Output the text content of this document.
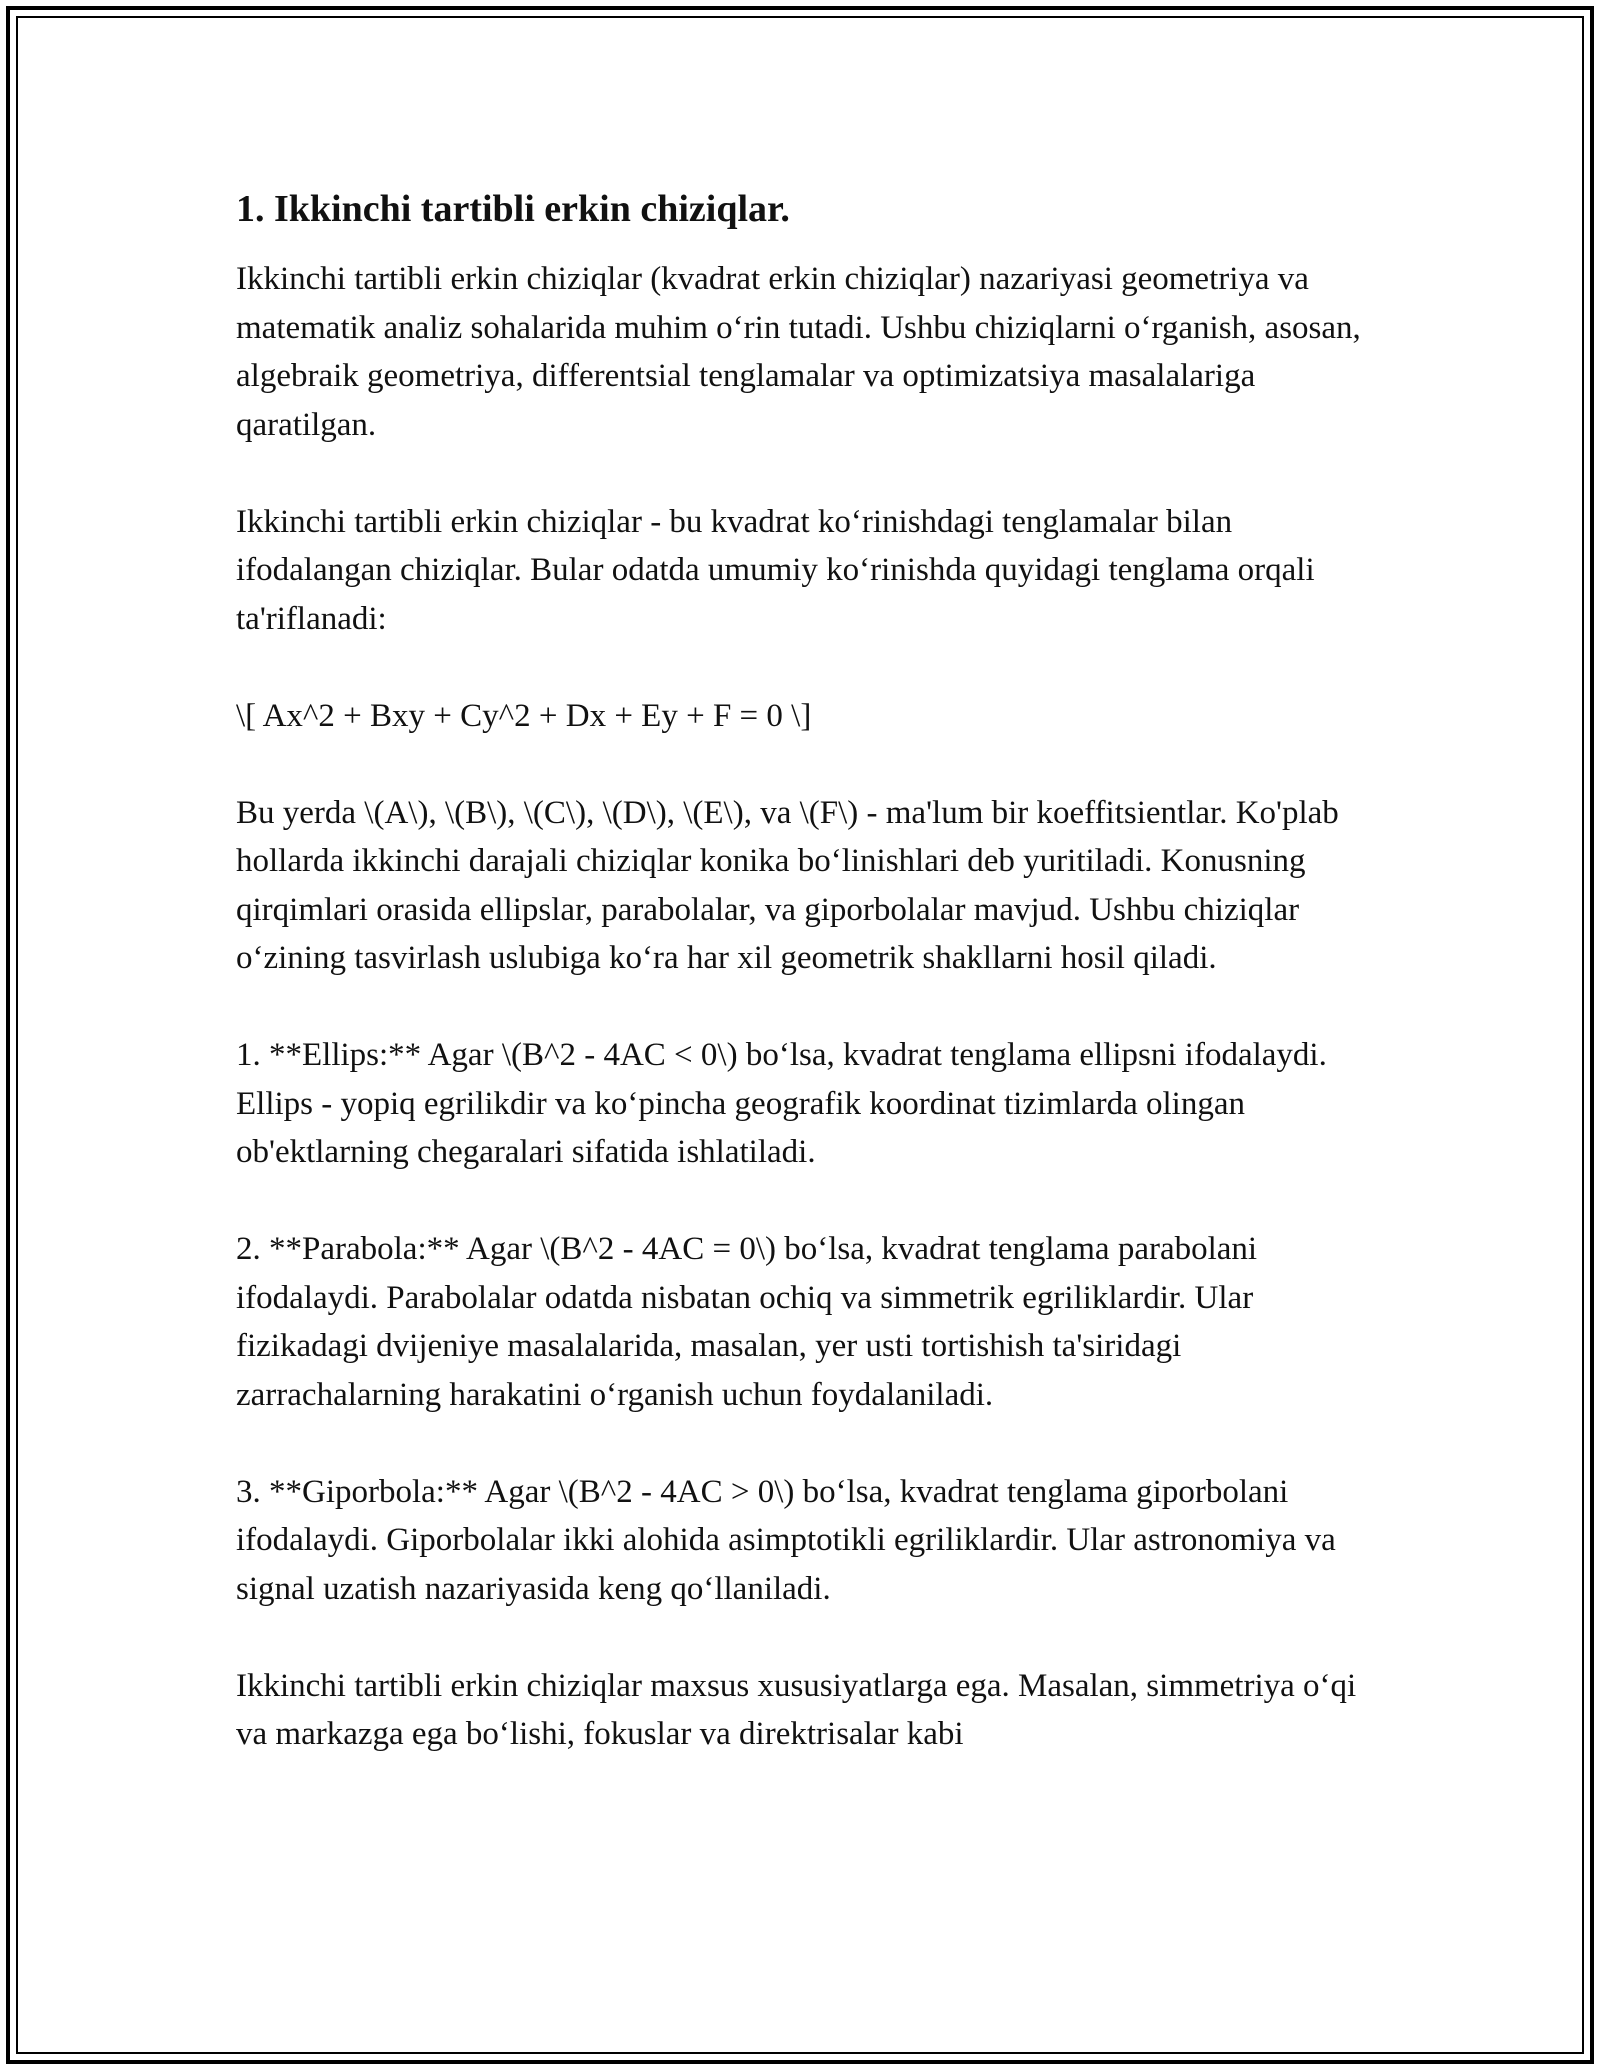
1. Ikkinchi tartibli erkin chiziqlar.

Ikkinchi tartibli erkin chiziqlar (kvadrat erkin chiziqlar) nazariyasi geometriya va matematik analiz sohalarida muhim o‘rin tutadi. Ushbu chiziqlarni o‘rganish, asosan, algebraik geometriya, differentsial tenglamalar va optimizatsiya masalalariga qaratilgan.

Ikkinchi tartibli erkin chiziqlar - bu kvadrat ko‘rinishdagi tenglamalar bilan ifodalangan chiziqlar. Bular odatda umumiy ko‘rinishda quyidagi tenglama orqali ta'riflanadi:

\[ Ax^2 + Bxy + Cy^2 + Dx + Ey + F = 0 \]

Bu yerda \(A\), \(B\), \(C\), \(D\), \(E\), va \(F\) - ma'lum bir koeffitsientlar. Ko'plab hollarda ikkinchi darajali chiziqlar konika bo‘linishlari deb yuritiladi. Konusning qirqimlari orasida ellipslar, parabolalar, va giporbolalar mavjud. Ushbu chiziqlar o‘zining tasvirlash uslubiga ko‘ra har xil geometrik shakllarni hosil qiladi.

1. **Ellips:** Agar \(B^2 - 4AC < 0\) bo‘lsa, kvadrat tenglama ellipsni ifodalaydi. Ellips - yopiq egrilikdir va ko‘pincha geografik koordinat tizimlarda olingan ob'ektlarning chegaralari sifatida ishlatiladi.

2. **Parabola:** Agar \(B^2 - 4AC = 0\) bo‘lsa, kvadrat tenglama parabolani ifodalaydi. Parabolalar odatda nisbatan ochiq va simmetrik egriliklardir. Ular fizikadagi dvijeniye masalalarida, masalan, yer usti tortishish ta'siridagi zarrachalarning harakatini o‘rganish uchun foydalaniladi.

3. **Giporbola:** Agar \(B^2 - 4AC > 0\) bo‘lsa, kvadrat tenglama giporbolani ifodalaydi. Giporbolalar ikki alohida asimptotikli egriliklardir. Ular astronomiya va signal uzatish nazariyasida keng qo‘llaniladi.

Ikkinchi tartibli erkin chiziqlar maxsus xususiyatlarga ega. Masalan, simmetriya o‘qi va markazga ega bo‘lishi, fokuslar va direktrisalar kabi
